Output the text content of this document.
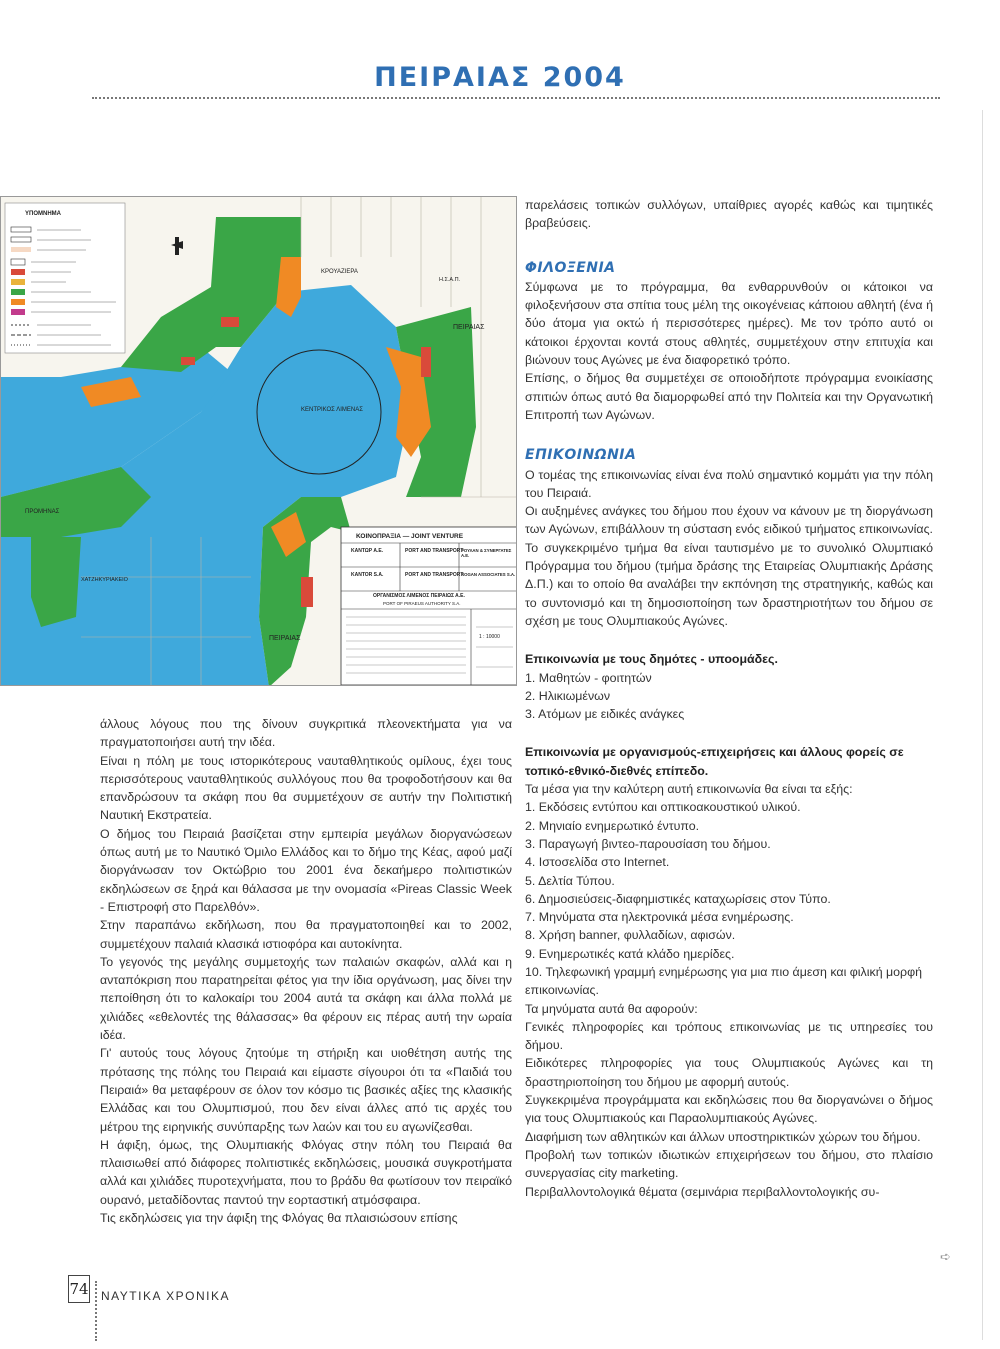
ΠΕΙΡΑΙΑΣ 2004
ΥΠΟΜΝΗΜΑ
ΚΡΟΥΑΖΙΕΡΑ
ΚΕΝΤΡΙΚΟΣ ΛΙΜΕΝΑΣ
ΠΕΙΡΑΙΑΣ
ΠΕΙΡΑΙΑΣ
ΠΡΟΜΗΝΑΣ
ΧΑΤΖΗΚΥΡΙΑΚΕΙΟ
Η.Σ.Α.Π.
ΚΟΙΝΟΠΡΑΞΙΑ — JOINT VENTURE
ΚΑΝΤΩΡ Α.Ε.	PORT AND TRANSPORT
ΡΟΥΛΑΝ & ΣΥΝΕΡΓΑΤΕΣ Α.Ε.
KANTOR S.A.	PORT AND TRANSPORT
ROGAN ASSOCIATES S.A.
ΟΡΓΑΝΙΣΜΟΣ ΛΙΜΕΝΟΣ ΠΕΙΡΑΙΩΣ Α.Ε.
PORT OF PIRAEUS AUTHORITY S.A.
1 : 10000

άλλους λόγους που της δίνουν συγκριτικά πλεονεκτήματα για να πραγματοποιήσει αυτή την ιδέα.

Είναι η πόλη με τους ιστορικότερους ναυταθλητικούς ομίλους, έχει τους περισσότερους ναυταθλητικούς συλλόγους που θα τροφοδοτήσουν και θα επανδρώσουν τα σκάφη που θα συμμετέχουν σε αυτήν την Πολιτιστική Ναυτική Εκστρατεία.

Ο δήμος του Πειραιά βασίζεται στην εμπειρία μεγάλων διοργανώσεων όπως αυτή με το Ναυτικό Όμιλο Ελλάδος και το δήμο της Κέας, αφού μαζί διοργάνωσαν τον Οκτώβριο του 2001 ένα δεκαήμερο πολιτιστικών εκδηλώσεων σε ξηρά και θάλασσα με την ονομασία «Pireas Classic Week - Επιστροφή στο Παρελθόν».

Στην παραπάνω εκδήλωση, που θα πραγματοποιηθεί και το 2002, συμμετέχουν παλαιά κλασικά ιστιοφόρα και αυτοκίνητα.

Το γεγονός της μεγάλης συμμετοχής των παλαιών σκαφών, αλλά και η ανταπόκριση που παρατηρείται φέτος για την ίδια οργάνωση, μας δίνει την πεποίθηση ότι το καλοκαίρι του 2004 αυτά τα σκάφη και άλλα πολλά με χιλιάδες «εθελοντές της θάλασσας» θα φέρουν εις πέρας αυτή την ωραία ιδέα.

Γι' αυτούς τους λόγους ζητούμε τη στήριξη και υιοθέτηση αυτής της πρότασης της πόλης του Πειραιά και είμαστε σίγουροι ότι τα «Παιδιά του Πειραιά» θα μεταφέρουν σε όλον τον κόσμο τις βασικές αξίες της κλασικής Ελλάδας και του Ολυμπισμού, που δεν είναι άλλες από τις αρχές του μέτρου της ειρηνικής συνύπαρξης των λαών και του ευ αγωνίζεσθαι.

Η άφιξη, όμως, της Ολυμπιακής Φλόγας στην πόλη του Πειραιά θα πλαισιωθεί από διάφορες πολιτιστικές εκδηλώσεις, μουσικά συγκροτήματα αλλά και χιλιάδες πυροτεχνήματα, που το βράδυ θα φωτίσουν τον πειραϊκό ουρανό, μεταδίδοντας παντού την εορταστική ατμόσφαιρα.

Τις εκδηλώσεις για την άφιξη της Φλόγας θα πλαισιώσουν επίσης

παρελάσεις τοπικών συλλόγων, υπαίθριες αγορές καθώς και τιμητικές βραβεύσεις.

ΦΙΛΟΞΕΝΙΑ

Σύμφωνα με το πρόγραμμα, θα ενθαρρυνθούν οι κάτοικοι να φιλοξενήσουν στα σπίτια τους μέλη της οικογένειας κάποιου αθλητή (ένα ή δύο άτομα για οκτώ ή περισσότερες ημέρες). Με τον τρόπο αυτό οι κάτοικοι έρχονται κοντά στους αθλητές, συμμετέχουν στην επιτυχία και βιώνουν τους Αγώνες με ένα διαφορετικό τρόπο.

Επίσης, ο δήμος θα συμμετέχει σε οποιοδήποτε πρόγραμμα ενοικίασης σπιτιών όπως αυτό θα διαμορφωθεί από την Πολιτεία και την Οργανωτική Επιτροπή των Αγώνων.

ΕΠΙΚΟΙΝΩΝΙΑ

Ο τομέας της επικοινωνίας είναι ένα πολύ σημαντικό κομμάτι για την πόλη του Πειραιά.

Οι αυξημένες ανάγκες του δήμου που έχουν να κάνουν με τη διοργάνωση των Αγώνων, επιβάλλουν τη σύσταση ενός ειδικού τμήματος επικοινωνίας. Το συγκεκριμένο τμήμα θα είναι ταυτισμένο με το συνολικό Ολυμπιακό Πρόγραμμα του δήμου (τμήμα δράσης της Εταιρείας Ολυμπιακής Δράσης Δ.Π.) και το οποίο θα αναλάβει την εκπόνηση της στρατηγικής, καθώς και το συντονισμό και τη δημοσιοποίηση των δραστηριοτήτων του δήμου σε σχέση με τους Ολυμπιακούς Αγώνες.

Επικοινωνία με τους δημότες - υποομάδες.
1. Μαθητών - φοιτητών
2. Ηλικιωμένων
3. Ατόμων με ειδικές ανάγκες
Επικοινωνία με οργανισμούς-επιχειρήσεις και άλλους φορείς σε τοπικό-εθνικό-διεθνές επίπεδο.

Τα μέσα για την καλύτερη αυτή επικοινωνία θα είναι τα εξής:

1. Εκδόσεις εντύπου και οπτικοακουστικού υλικού.
2. Μηνιαίο ενημερωτικό έντυπο.
3. Παραγωγή βιντεο-παρουσίαση του δήμου.
4. Ιστοσελίδα στο Internet.
5. Δελτία Τύπου.
6. Δημοσιεύσεις-διαφημιστικές καταχωρίσεις στον Τύπο.
7. Μηνύματα στα ηλεκτρονικά μέσα ενημέρωσης.
8. Χρήση banner, φυλλαδίων, αφισών.
9. Ενημερωτικές κατά κλάδο ημερίδες.
10. Τηλεφωνική γραμμή ενημέρωσης για μια πιο άμεση και φιλική μορφή επικοινωνίας.

Τα μηνύματα αυτά θα αφορούν:

Γενικές πληροφορίες και τρόπους επικοινωνίας με τις υπηρεσίες του δήμου.

Ειδικότερες πληροφορίες για τους Ολυμπιακούς Αγώνες και τη δραστηριοποίηση του δήμου με αφορμή αυτούς.

Συγκεκριμένα προγράμματα και εκδηλώσεις που θα διοργανώνει ο δήμος για τους Ολυμπιακούς και Παραολυμπιακούς Αγώνες.

Διαφήμιση των αθλητικών και άλλων υποστηρικτικών χώρων του δήμου.

Προβολή των τοπικών ιδιωτικών επιχειρήσεων του δήμου, στο πλαίσιο συνεργασίας city marketing.

Περιβαλλοντολογικά θέματα (σεμινάρια περιβαλλοντολογικής συ-

➪
74 ΝΑΥΤΙΚΑ ΧΡΟΝΙΚΑ
